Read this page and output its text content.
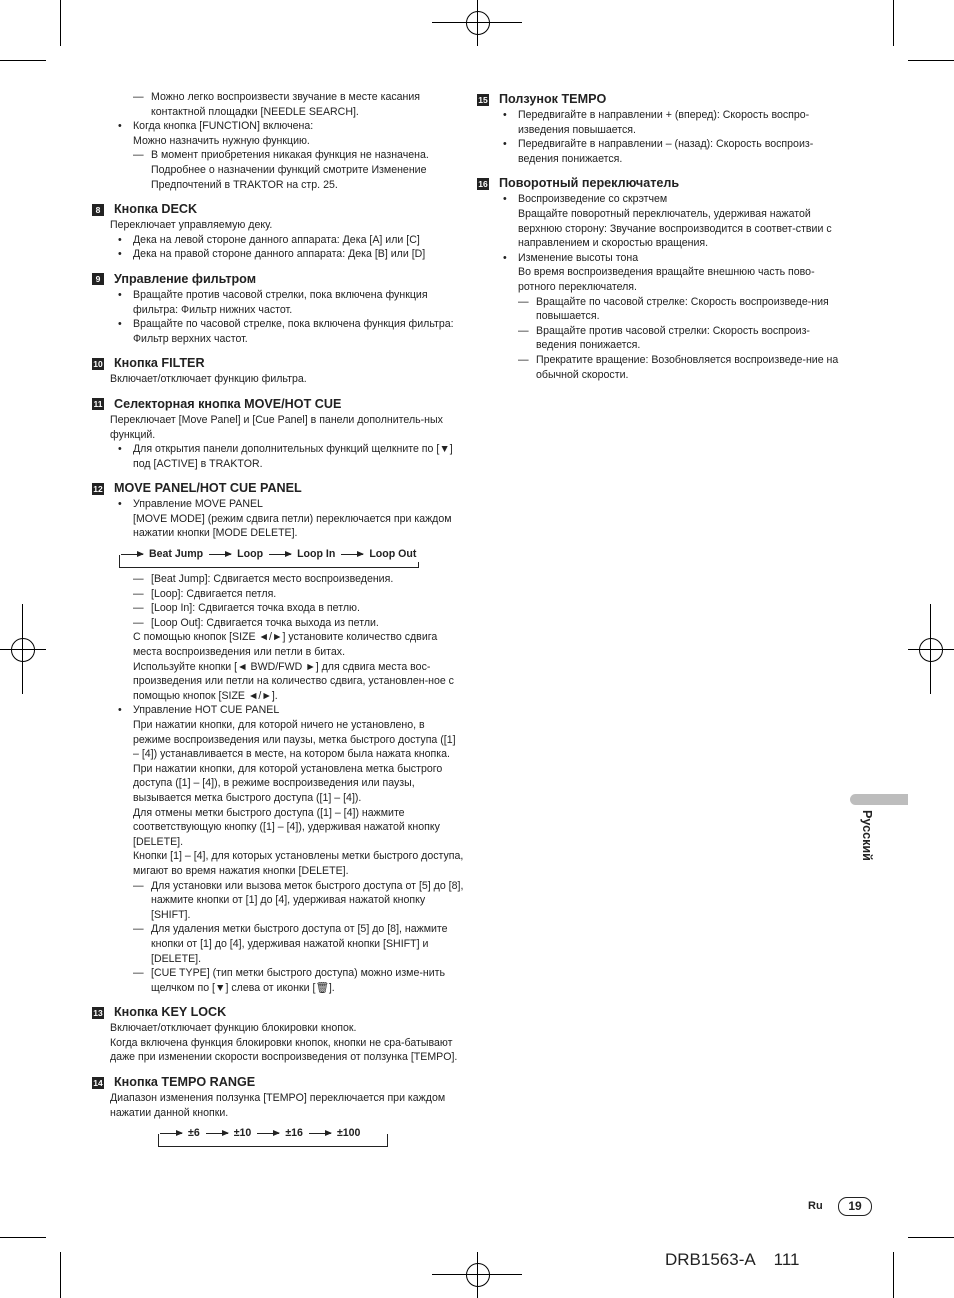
— Можно легко воспроизвести звучание в месте касания контактной площадки [NEEDLE SEARCH].
• Когда кнопка [FUNCTION] включена:
Можно назначить нужную функцию.
— В момент приобретения никакая функция не назначена. Подробнее о назначении функций смотрите Изменение Предпочтений в TRAKTOR на стр. 25.
8 Кнопка DECK
Переключает управляемую деку.
• Дека на левой стороне данного аппарата: Дека [A] или [C]
• Дека на правой стороне данного аппарата: Дека [B] или [D]
9 Управление фильтром
• Вращайте против часовой стрелки, пока включена функция фильтра: Фильтр нижних частот.
• Вращайте по часовой стрелке, пока включена функция фильтра: Фильтр верхних частот.
10 Кнопка FILTER
Включает/отключает функцию фильтра.
11 Селекторная кнопка MOVE/HOT CUE
Переключает [Move Panel] и [Cue Panel] в панели дополнитель-ных функций.
• Для открытия панели дополнительных функций щелкните по [▼] под [ACTIVE] в TRAKTOR.
12 MOVE PANEL/HOT CUE PANEL
• Управление MOVE PANEL
[MOVE MODE] (режим сдвига петли) переключается при каждом нажатии кнопки [MODE DELETE].
Beat Jump	Loop	Loop In	Loop Out
— [Beat Jump]: Сдвигается место воспроизведения.
— [Loop]: Сдвигается петля.
— [Loop In]: Сдвигается точка входа в петлю.
— [Loop Out]: Сдвигается точка выхода из петли.
С помощью кнопок [SIZE ◄/►] установите количество сдвига места воспроизведения или петли в битах.
Используйте кнопки [◄ BWD/FWD ►] для сдвига места вос-произведения или петли на количество сдвига, установлен-ное с помощью кнопок [SIZE ◄/►].
• Управление HOT CUE PANEL
При нажатии кнопки, для которой ничего не установлено, в режиме воспроизведения или паузы, метка быстрого доступа ([1] – [4]) устанавливается в месте, на котором была нажата кнопка.
При нажатии кнопки, для которой установлена метка быстрого доступа ([1] – [4]), в режиме воспроизведения или паузы, вызывается метка быстрого доступа ([1] – [4]).
Для отмены метки быстрого доступа ([1] – [4]) нажмите соответствующую кнопку ([1] – [4]), удерживая нажатой кнопку [DELETE].
Кнопки [1] – [4], для которых установлены метки быстрого доступа, мигают во время нажатия кнопки [DELETE].
— Для установки или вызова меток быстрого доступа от [5] до [8], нажмите кнопки от [1] до [4], удерживая нажатой кнопку [SHIFT].
— Для удаления метки быстрого доступа от [5] до [8], нажмите кнопки от [1] до [4], удерживая нажатой кнопки [SHIFT] и [DELETE].
— [CUE TYPE] (тип метки быстрого доступа) можно изме-нить щелчком по [▼] слева от иконки [🗑].
13 Кнопка KEY LOCK
Включает/отключает функцию блокировки кнопок.
Когда включена функция блокировки кнопок, кнопки не сра-батывают даже при изменении скорости воспроизведения от ползунка [TEMPO].
14 Кнопка TEMPO RANGE
Диапазон изменения ползунка [TEMPO] переключается при каждом нажатии данной кнопки.
±6	±10	±16	±100
15 Ползунок TEMPO
• Передвигайте в направлении + (вперед): Скорость воспро-изведения повышается.
• Передвигайте в направлении – (назад): Скорость воспроиз-ведения понижается.
16 Поворотный переключатель
• Воспроизведение со скрэтчем
Вращайте поворотный переключатель, удерживая нажатой верхнюю сторону: Звучание воспроизводится в соответ-ствии с направлением и скоростью вращения.
• Изменение высоты тона
Во время воспроизведения вращайте внешнюю часть пово-ротного переключателя.
— Вращайте по часовой стрелке: Скорость воспроизведе-ния повышается.
— Вращайте против часовой стрелки: Скорость воспроиз-ведения понижается.
— Прекратите вращение: Возобновляется воспроизведе-ние на обычной скорости.
Русский
Ru	19
DRB1563-A    111
